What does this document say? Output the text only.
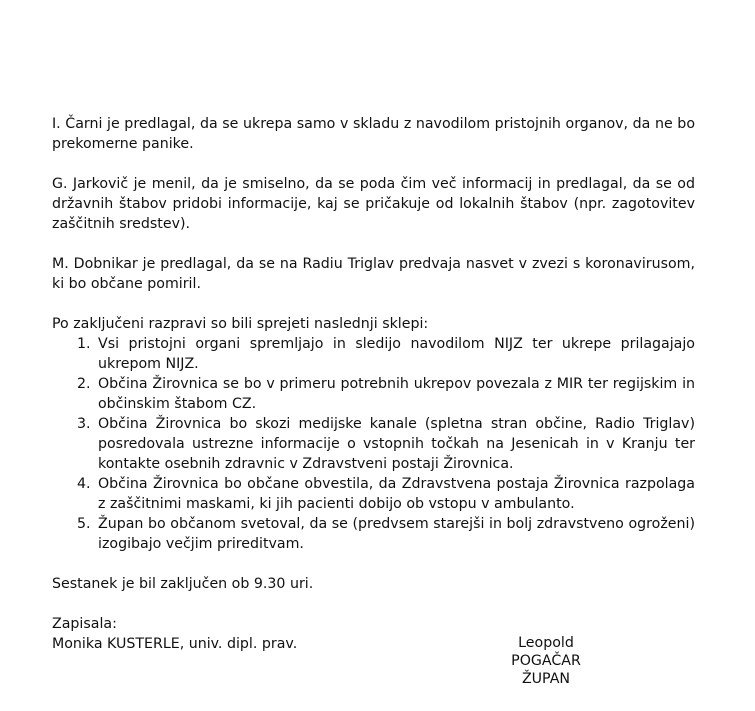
I. Čarni je predlagal, da se ukrepa samo v skladu z navodilom pristojnih organov, da ne bo prekomerne panike.

G. Jarkovič je menil, da je smiselno, da se poda čim več informacij in predlagal, da se od državnih štabov pridobi informacije, kaj se pričakuje od lokalnih štabov (npr. zagotovitev zaščitnih sredstev).

M. Dobnikar je predlagal, da se na Radiu Triglav predvaja nasvet v zvezi s koronavirusom, ki bo občane pomiril.

Po zaključeni razpravi so bili sprejeti naslednji sklepi:

1. Vsi pristojni organi spremljajo in sledijo navodilom NIJZ ter ukrepe prilagajajo ukrepom NIJZ.
2. Občina Žirovnica se bo v primeru potrebnih ukrepov povezala z MIR ter regijskim in občinskim štabom CZ.
3. Občina Žirovnica bo skozi medijske kanale (spletna stran občine, Radio Triglav) posredovala ustrezne informacije o vstopnih točkah na Jesenicah in v Kranju ter kontakte osebnih zdravnic v Zdravstveni postaji Žirovnica.
4. Občina Žirovnica bo občane obvestila, da Zdravstvena postaja Žirovnica razpolaga z zaščitnimi maskami, ki jih pacienti dobijo ob vstopu v ambulanto.
5. Župan bo občanom svetoval, da se (predvsem starejši in bolj zdravstveno ogroženi) izogibajo večjim prireditvam.

Sestanek je bil zaključen ob 9.30 uri.

Zapisala:
Monika KUSTERLE, univ. dipl. prav.	Leopold POGAČAR
ŽUPAN
